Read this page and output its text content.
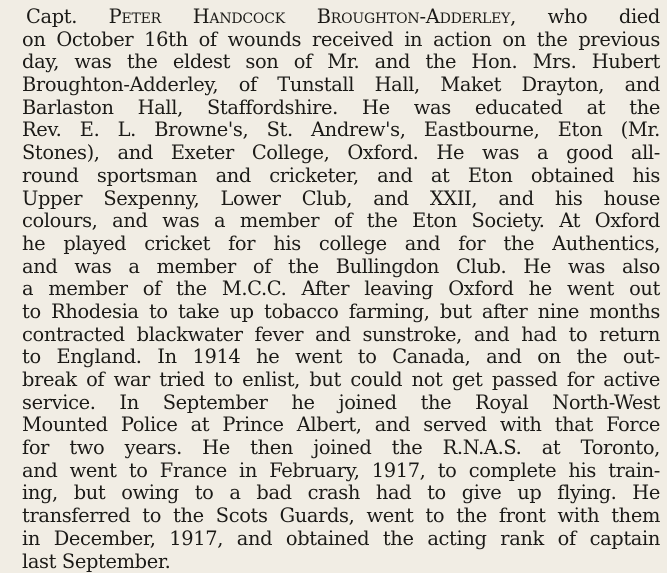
Capt. Peter Handcock Broughton-Adderley, who died
on October 16th of wounds received in action on the previous
day, was the eldest son of Mr. and the Hon. Mrs. Hubert
Broughton-Adderley, of Tunstall Hall, Maket Drayton, and
Barlaston Hall, Staffordshire. He was educated at the
Rev. E. L. Browne's, St. Andrew's, Eastbourne, Eton (Mr.
Stones), and Exeter College, Oxford. He was a good all-
round sportsman and cricketer, and at Eton obtained his
Upper Sexpenny, Lower Club, and XXII, and his house
colours, and was a member of the Eton Society. At Oxford
he played cricket for his college and for the Authentics,
and was a member of the Bullingdon Club. He was also
a member of the M.C.C. After leaving Oxford he went out
to Rhodesia to take up tobacco farming, but after nine months
contracted blackwater fever and sunstroke, and had to return
to England. In 1914 he went to Canada, and on the out-
break of war tried to enlist, but could not get passed for active
service. In September he joined the Royal North-West
Mounted Police at Prince Albert, and served with that Force
for two years. He then joined the R.N.A.S. at Toronto,
and went to France in February, 1917, to complete his train-
ing, but owing to a bad crash had to give up flying. He
transferred to the Scots Guards, went to the front with them
in December, 1917, and obtained the acting rank of captain
last September.
